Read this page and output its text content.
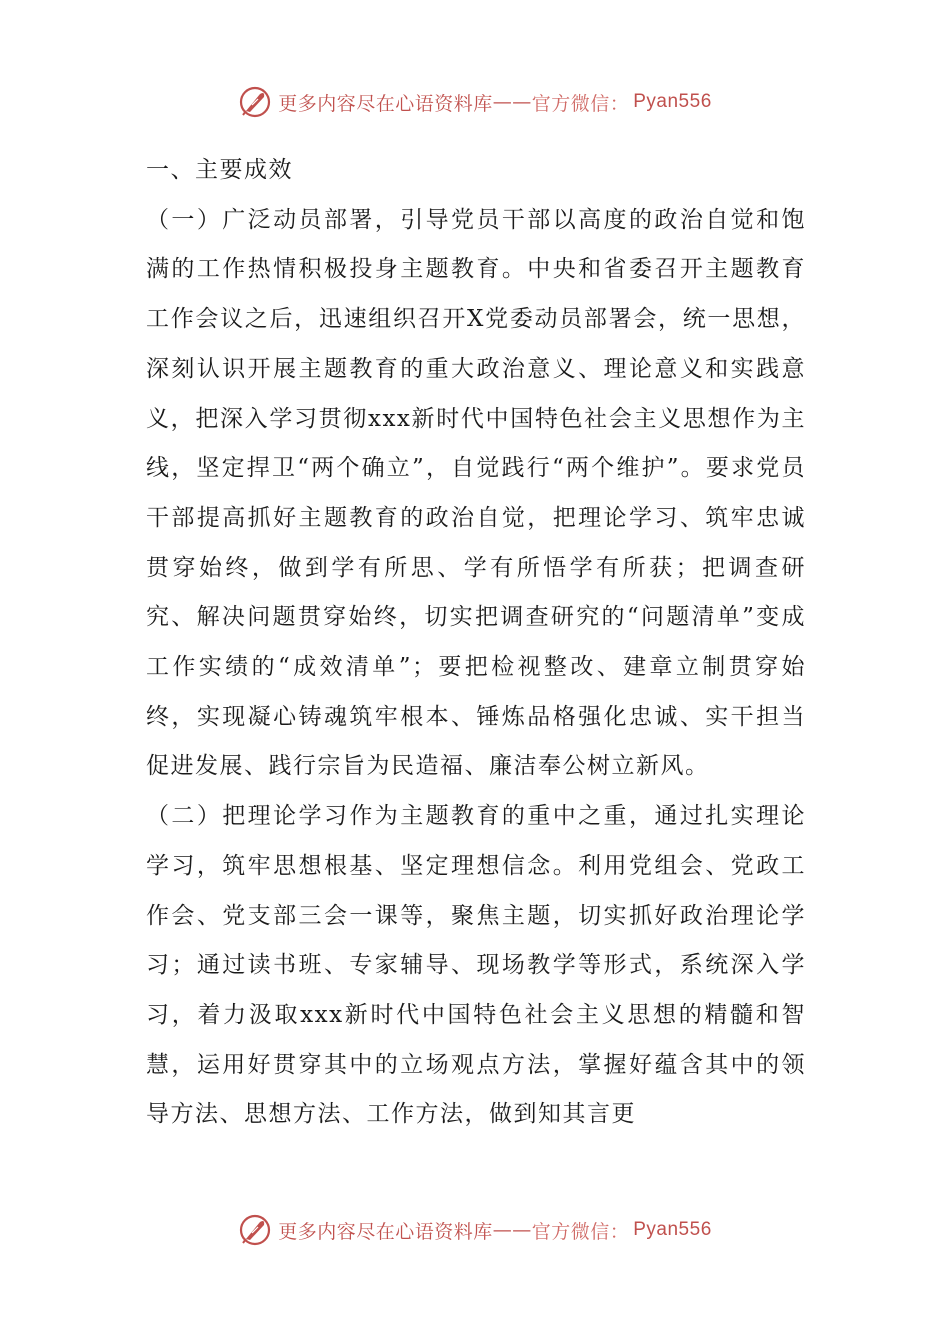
更多内容尽在心语资料库 —— 官方微信： Pyan556

一、主要成效

（一）广泛动员部署，引导党员干部以高度的政治自觉和饱满的工作热情积极投身主题教育。中央和省委召开主题教育工作会议之后，迅速组织召开X党委动员部署会，统一思想，深刻认识开展主题教育的重大政治意义、理论意义和实践意义，把深入学习贯彻xxx新时代中国特色社会主义思想作为主线，坚定捍卫“两个确立”，自觉践行“两个维护”。要求党员干部提高抓好主题教育的政治自觉，把理论学习、筑牢忠诚贯穿始终，做到学有所思、学有所悟学有所获；把调查研究、解决问题贯穿始终，切实把调查研究的“问题清单”变成工作实绩的“成效清单”；要把检视整改、建章立制贯穿始终，实现凝心铸魂筑牢根本、锤炼品格强化忠诚、实干担当促进发展、践行宗旨为民造福、廉洁奉公树立新风。

（二）把理论学习作为主题教育的重中之重，通过扎实理论学习，筑牢思想根基、坚定理想信念。利用党组会、党政工作会、党支部三会一课等，聚焦主题，切实抓好政治理论学习；通过读书班、专家辅导、现场教学等形式，系统深入学习，着力汲取xxx新时代中国特色社会主义思想的精髓和智慧，运用好贯穿其中的立场观点方法，掌握好蕴含其中的领导方法、思想方法、工作方法，做到知其言更

更多内容尽在心语资料库 —— 官方微信： Pyan556
